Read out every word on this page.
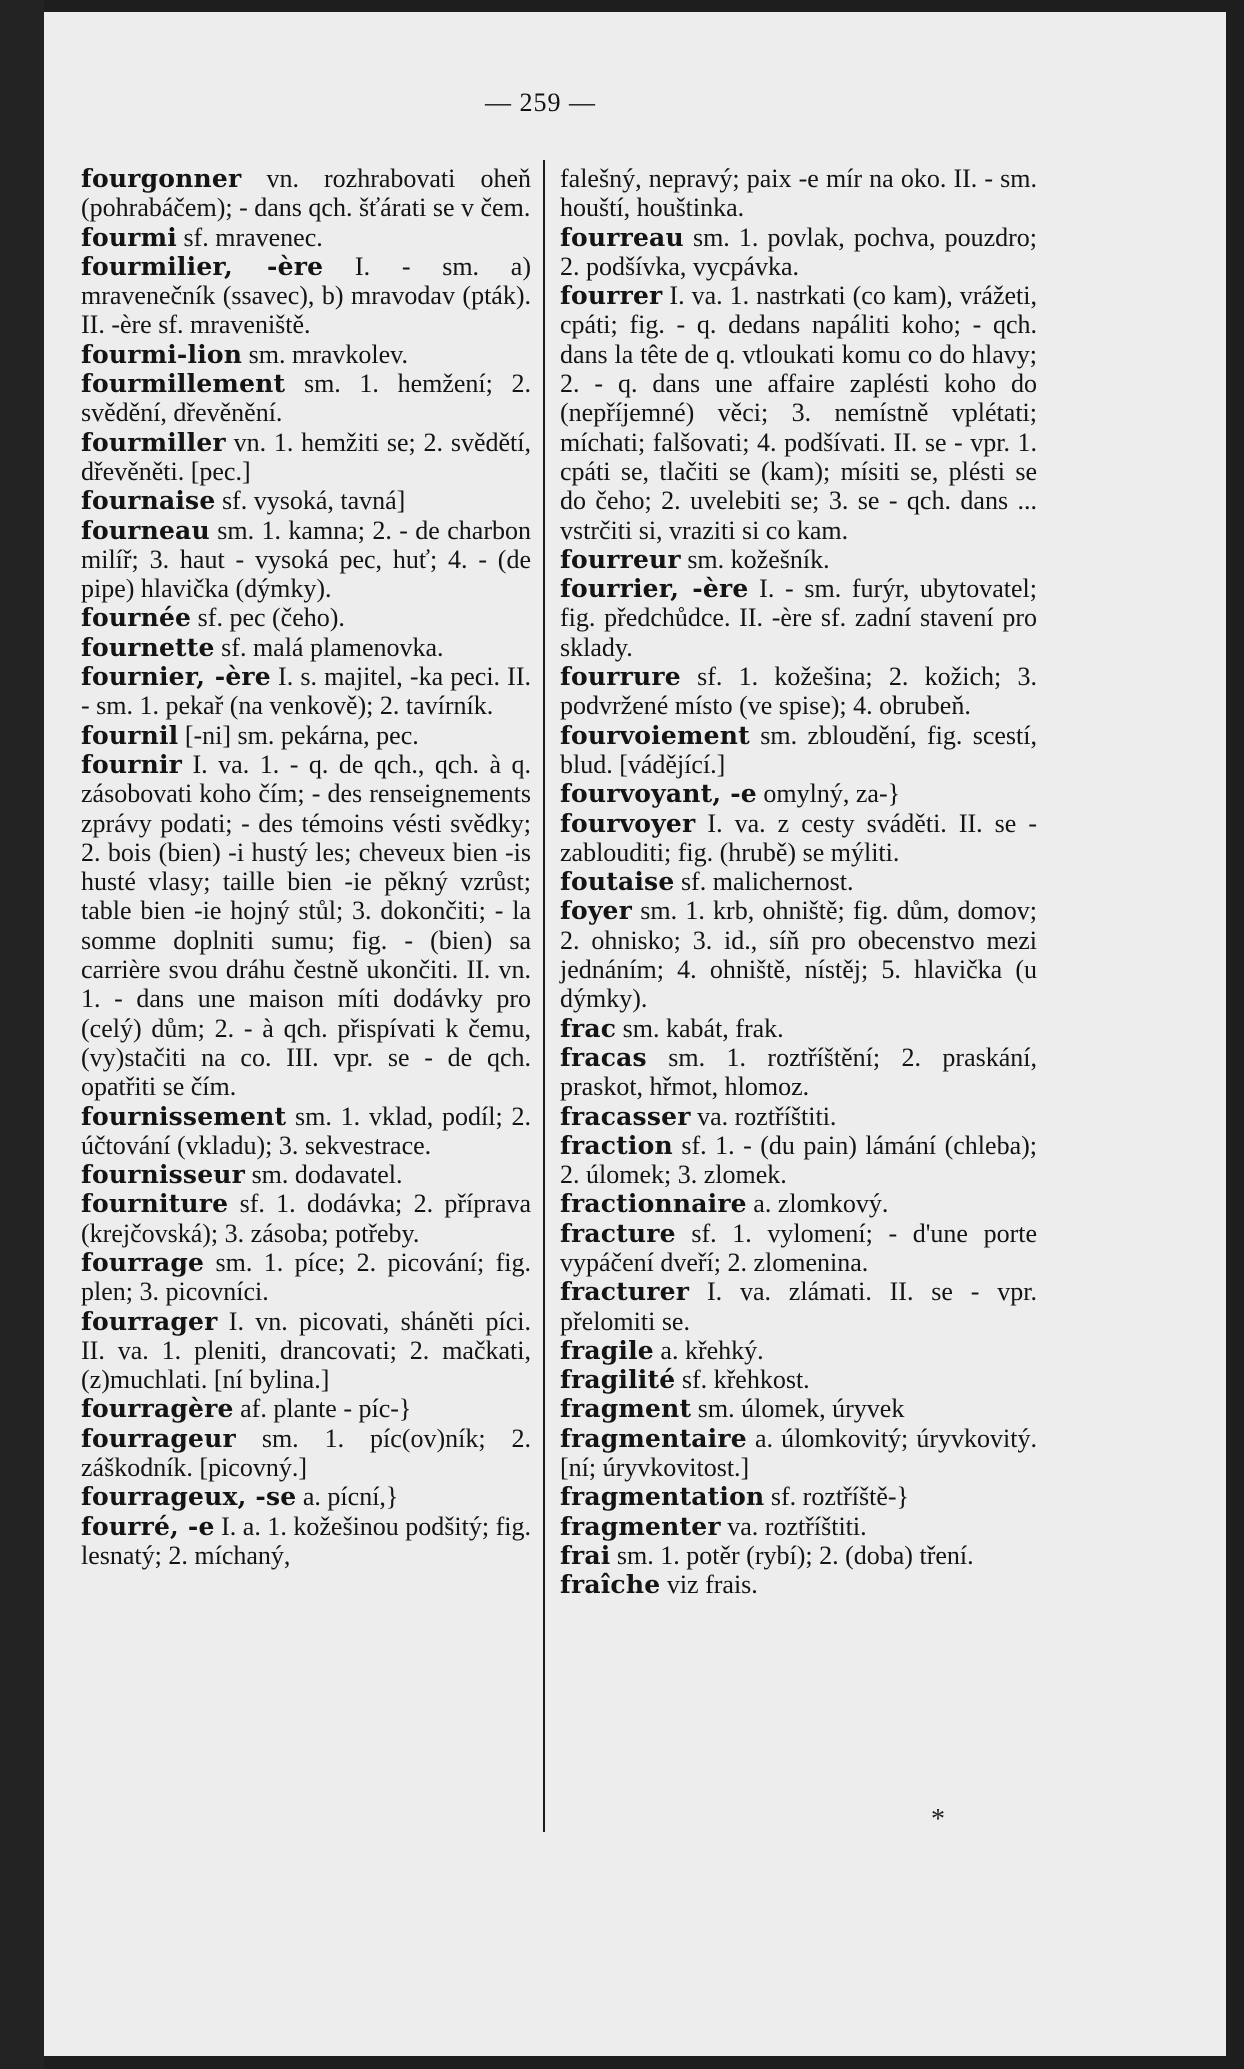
— 259 —

fourgonner vn. rozhrabovati oheň (pohrabáčem); - dans qch. šťárati se v čem.

fourmi sf. mravenec.

fourmilier, -ère I. - sm. a) mravenečník (ssavec), b) mravodav (pták). II. -ère sf. mraveniště.

fourmi-lion sm. mravkolev.

fourmillement sm. 1. hemžení; 2. svědění, dřevěnění.

fourmiller vn. 1. hemžiti se; 2. svědětí, dřevěněti. [pec.]

fournaise sf. vysoká, tavná]

fourneau sm. 1. kamna; 2. - de charbon milíř; 3. haut - vysoká pec, huť; 4. - (de pipe) hlavička (dýmky).

fournée sf. pec (čeho).

fournette sf. malá plamenovka.

fournier, -ère I. s. majitel, -ka peci. II. - sm. 1. pekař (na venkově); 2. tavírník.

fournil [-ni] sm. pekárna, pec.

fournir I. va. 1. - q. de qch., qch. à q. zásobovati koho čím; - des renseignements zprávy podati; - des témoins vésti svědky; 2. bois (bien) -i hustý les; cheveux bien -is husté vlasy; taille bien -ie pěkný vzrůst; table bien -ie hojný stůl; 3. dokončiti; - la somme doplniti sumu; fig. - (bien) sa carrière svou dráhu čestně ukončiti. II. vn. 1. - dans une maison míti dodávky pro (celý) dům; 2. - à qch. přispívati k čemu, (vy)stačiti na co. III. vpr. se - de qch. opatřiti se čím.

fournissement sm. 1. vklad, podíl; 2. účtování (vkladu); 3. sekvestrace.

fournisseur sm. dodavatel.

fourniture sf. 1. dodávka; 2. příprava (krejčovská); 3. zásoba; potřeby.

fourrage sm. 1. píce; 2. picování; fig. plen; 3. picovníci.

fourrager I. vn. picovati, sháněti píci. II. va. 1. pleniti, drancovati; 2. mačkati, (z)muchlati. [ní bylina.]

fourragère af. plante - píc-}

fourrageur sm. 1. píc(ov)ník; 2. záškodník. [picovný.]

fourrageux, -se a. pícní,}

fourré, -e I. a. 1. kožešinou podšitý; fig. lesnatý; 2. míchaný,

falešný, nepravý; paix -e mír na oko. II. - sm. houští, houštinka.

fourreau sm. 1. povlak, pochva, pouzdro; 2. podšívka, vycpávka.

fourrer I. va. 1. nastrkati (co kam), vrážeti, cpáti; fig. - q. dedans napáliti koho; - qch. dans la tête de q. vtloukati komu co do hlavy; 2. - q. dans une affaire zaplésti koho do (nepříjemné) věci; 3. nemístně vplétati; míchati; falšovati; 4. podšívati. II. se - vpr. 1. cpáti se, tlačiti se (kam); mísiti se, plésti se do čeho; 2. uvelebiti se; 3. se - qch. dans ... vstrčiti si, vraziti si co kam.

fourreur sm. kožešník.

fourrier, -ère I. - sm. furýr, ubytovatel; fig. předchůdce. II. -ère sf. zadní stavení pro sklady.

fourrure sf. 1. kožešina; 2. kožich; 3. podvržené místo (ve spise); 4. obrubeň.

fourvoiement sm. zbloudění, fig. scestí, blud. [vádějící.]

fourvoyant, -e omylný, za-}

fourvoyer I. va. z cesty sváděti. II. se - zablouditi; fig. (hrubě) se mýliti.

foutaise sf. malichernost.

foyer sm. 1. krb, ohniště; fig. dům, domov; 2. ohnisko; 3. id., síň pro obecenstvo mezi jednáním; 4. ohniště, nístěj; 5. hlavička (u dýmky).

frac sm. kabát, frak.

fracas sm. 1. roztříštění; 2. praskání, praskot, hřmot, hlomoz.

fracasser va. roztříštiti.

fraction sf. 1. - (du pain) lámání (chleba); 2. úlomek; 3. zlomek.

fractionnaire a. zlomkový.

fracture sf. 1. vylomení; - d'une porte vypáčení dveří; 2. zlomenina.

fracturer I. va. zlámati. II. se - vpr. přelomiti se.

fragile a. křehký.

fragilité sf. křehkost.

fragment sm. úlomek, úryvek

fragmentaire a. úlomkovitý; úryvkovitý. [ní; úryvkovitost.]

fragmentation sf. roztříště-}

fragmenter va. roztříštiti.

frai sm. 1. potěr (rybí); 2. (doba) tření.

fraîche viz frais.

*
